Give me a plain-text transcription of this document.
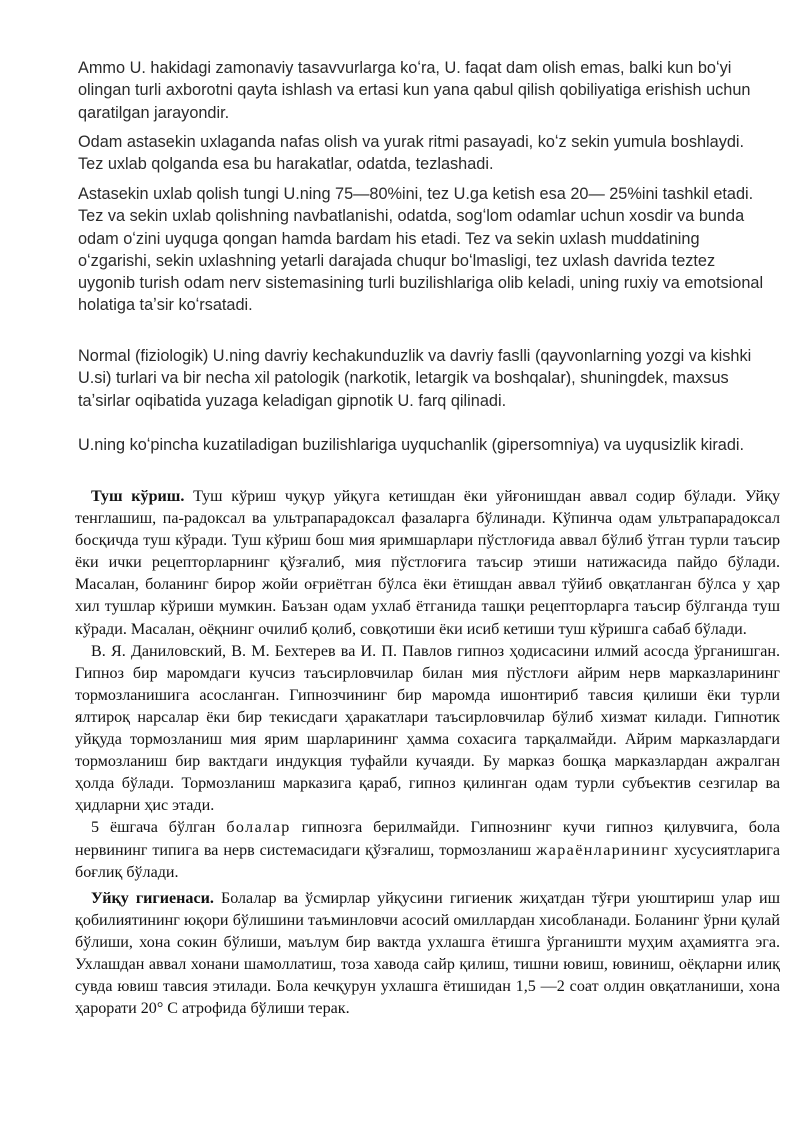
Ammo U. hakidagi zamonaviy tasavvurlarga koʻra, U. faqat dam olish emas, balki kun boʻyi olingan turli axborotni qayta ishlash va ertasi kun yana qabul qilish qobiliyatiga erishish uchun qaratilgan jarayondir.

Odam astasekin uxlaganda nafas olish va yurak ritmi pasayadi, koʻz sekin yumula boshlaydi. Tez uxlab qolganda esa bu harakatlar, odatda, tezlashadi.

Astasekin uxlab qolish tungi U.ning 75—80%ini, tez U.ga ketish esa 20— 25%ini tashkil etadi. Tez va sekin uxlab qolishning navbatlanishi, odatda, sogʻlom odamlar uchun xosdir va bunda odam oʻzini uyquga qongan hamda bardam his etadi. Tez va sekin uxlash muddatining oʻzgarishi, sekin uxlashning yetarli darajada chuqur boʻlmasligi, tez uxlash davrida teztez uygonib turish odam nerv sistemasining turli buzilishlariga olib keladi, uning ruxiy va emotsional holatiga taʼsir koʻrsatadi.

Normal (fiziologik) U.ning davriy kechakunduzlik va davriy faslli (qayvonlarning yozgi va kishki U.si) turlari va bir necha xil patologik (narkotik, letargik va boshqalar), shuningdek, maxsus taʼsirlar oqibatida yuzaga keladigan gipnotik U. farq qilinadi.

U.ning koʻpincha kuzatiladigan buzilishlariga uyquchanlik (gipersomniya) va uyqusizlik kiradi.

Туш кўриш. Туш кўриш чуқур уйқуга кетишдан ёки уйғонишдан аввал содир бўлади. Уйқу тенглашиш, па-радоксал ва ультрапарадоксал фазаларга бўлинади. Кўпинча одам ультрапарадоксал босқичда туш кўради. Туш кўриш бош мия яримшарлари пўстлоғида аввал бўлиб ўтган турли таъсир ёки ички рецепторларнинг қўзғалиб, мия пўстлоғига таъсир этиши натижасида пайдо бўлади. Масалан, боланинг бирор жойи оғриётган бўлса ёки ётишдан аввал тўйиб овқатланган бўлса у ҳар хил тушлар кўриши мумкин. Баъзан одам ухлаб ётганида ташқи рецепторларга таъсир бўлганда туш кўради. Масалан, оёқнинг очилиб қолиб, совқотиши ёки исиб кетиши туш кўришга сабаб бўлади.

В. Я. Даниловский, В. М. Бехтерев ва И. П. Павлов гипноз ҳодисасини илмий асосда ўрганишган. Гипноз бир маромдаги кучсиз таъсирловчилар билан мия пўстлоғи айрим нерв марказларининг тормозланишига асосланган. Гипнозчининг бир маромда ишонтириб тавсия қилиши ёки турли ялтироқ нарсалар ёки бир текисдаги ҳаракатлари таъсирловчилар бўлиб хизмат килади. Гипнотик уйқуда тормозланиш мия ярим шарларининг ҳамма сохасига тарқалмайди. Айрим марказлардаги тормозланиш бир вактдаги индукция туфайли кучаяди. Бу марказ бошқа марказлардан ажралган ҳолда бўлади. Тормозланиш марказига қараб, гипноз қилинган одам турли субъектив сезгилар ва ҳидларни ҳис этади.

5 ёшгача бўлган болалар гипнозга берилмайди. Гипнознинг кучи гипноз қилувчига, бола нервининг типига ва нерв системасидаги қўзғалиш, тормозланиш жараёнларининг хусусиятларига боғлиқ бўлади.

Уйқу гигиенаси. Болалар ва ўсмирлар уйқусини гигиеник жиҳатдан тўғри уюштириш улар иш қобилиятининг юқори бўлишини таъминловчи асосий омиллардан хисобланади. Боланинг ўрни қулай бўлиши, хона сокин бўлиши, маълум бир вактда ухлашга ётишга ўрганишти муҳим аҳамиятга эга. Ухлашдан аввал хонани шамоллатиш, тоза хавода сайр қилиш, тишни ювиш, ювиниш, оёқларни илиқ сувда ювиш тавсия этилади. Бола кечқурун ухлашга ётишидан 1,5 —2 соат олдин овқатланиши, хона ҳарорати 20° С атрофида бўлиши терак.
